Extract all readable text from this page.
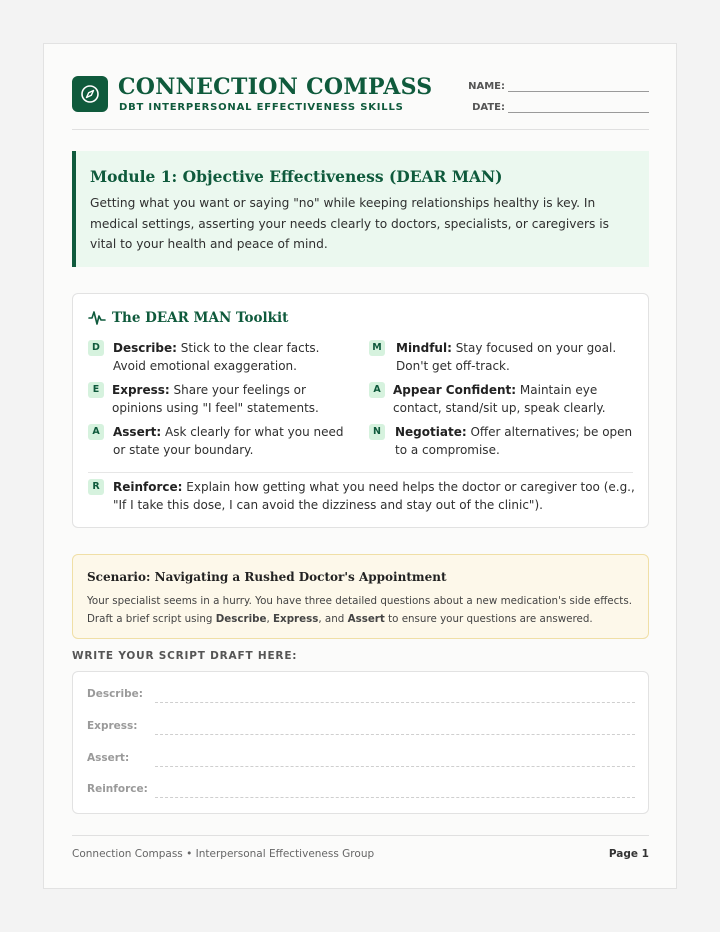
CONNECTION COMPASS
DBT INTERPERSONAL EFFECTIVENESS SKILLS
NAME:
DATE:
Module 1: Objective Effectiveness (DEAR MAN)

Getting what you want or saying "no" while keeping relationships healthy is key. In medical settings, asserting your needs clearly to doctors, specialists, or caregivers is vital to your health and peace of mind.

The DEAR MAN Toolkit
D	Describe: Stick to the clear facts. Avoid emotional exaggeration.
M Mindful: Stay focused on your goal. Don't get off-track.
E	Express: Share your feelings or opinions using "I feel" statements.
A	Appear Confident: Maintain eye contact, stand/sit up, speak clearly.
A	Assert: Ask clearly for what you need or state your boundary.
N	Negotiate: Offer alternatives; be open to a compromise.
R	Reinforce: Explain how getting what you need helps the doctor or caregiver too (e.g., "If I take this dose, I can avoid the dizziness and stay out of the clinic").
Scenario: Navigating a Rushed Doctor's Appointment

Your specialist seems in a hurry. You have three detailed questions about a new medication's side effects.
Draft a brief script using Describe, Express, and Assert to ensure your questions are answered.

WRITE YOUR SCRIPT DRAFT HERE:
Describe:
Express:
Assert:
Reinforce:
Connection Compass • Interpersonal Effectiveness Group	Page 1
